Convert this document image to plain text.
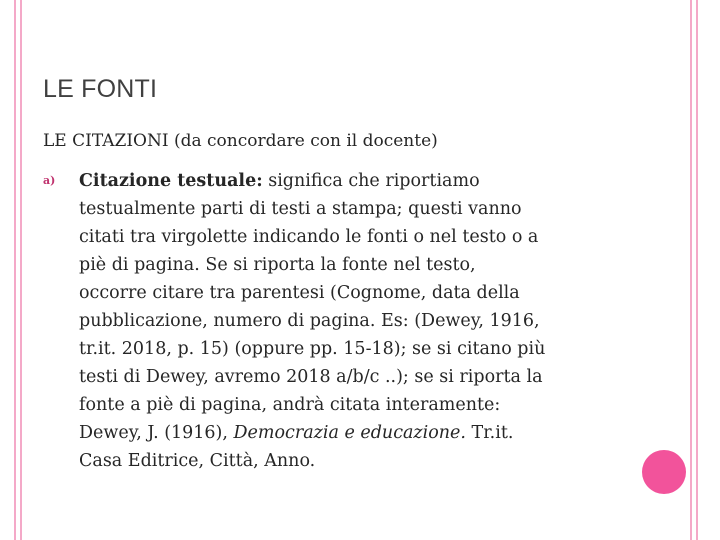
LE FONTI
LE CITAZIONI (da concordare con il docente)
a) Citazione testuale: significa che riportiamo
testualmente parti di testi a stampa; questi vanno
citati tra virgolette indicando le fonti o nel testo o a
piè di pagina. Se si riporta la fonte nel testo,
occorre citare tra parentesi (Cognome, data della
pubblicazione, numero di pagina. Es: (Dewey, 1916,
tr.it. 2018, p. 15) (oppure pp. 15-18); se si citano più
testi di Dewey, avremo 2018 a/b/c ..); se si riporta la
fonte a piè di pagina, andrà citata interamente:
Dewey, J. (1916), Democrazia e educazione. Tr.it.
Casa Editrice, Città, Anno.
